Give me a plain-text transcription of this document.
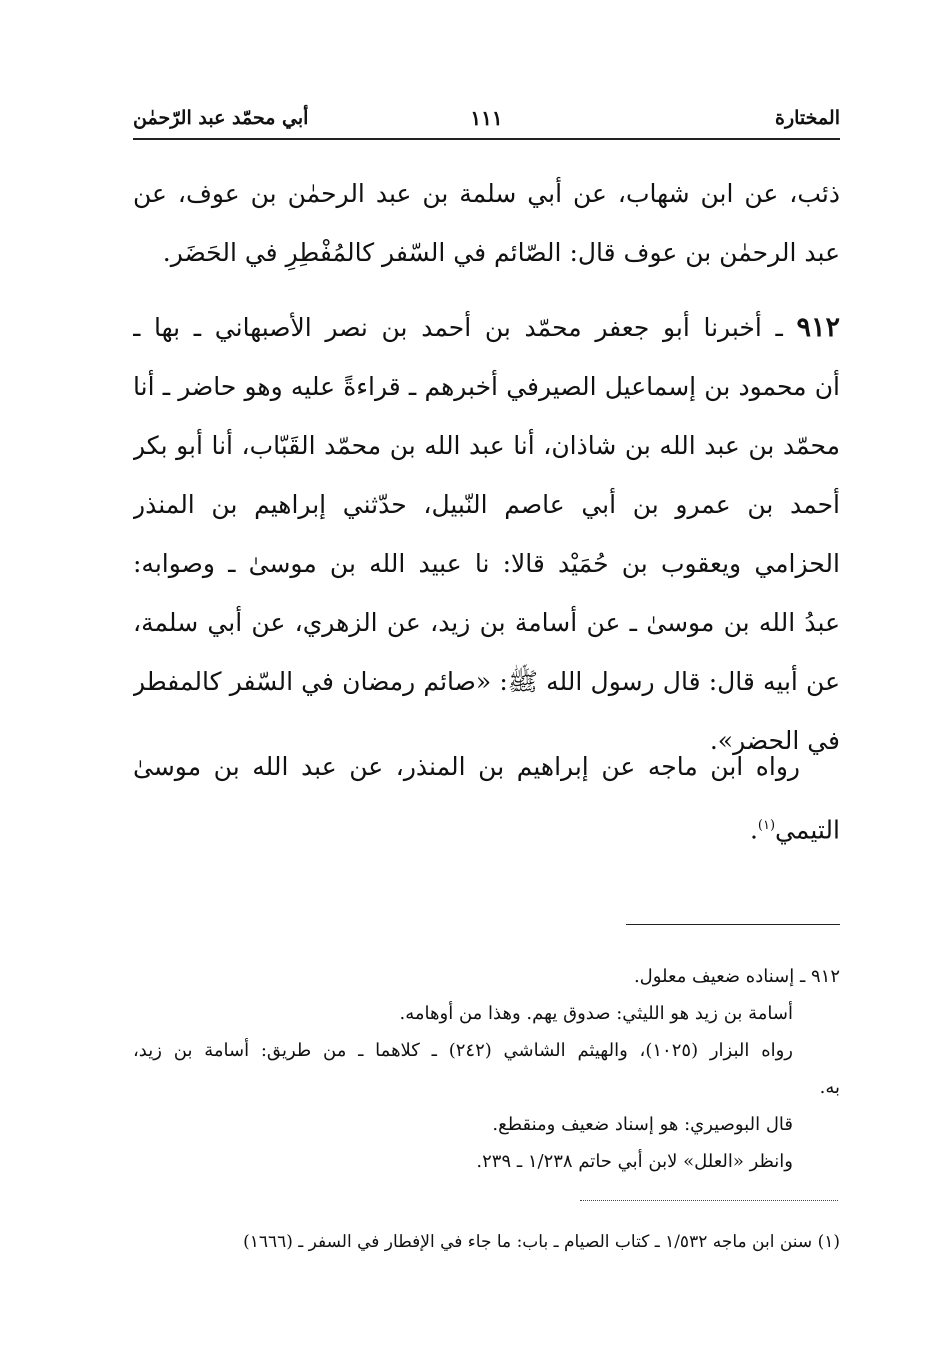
المختارة
١١١
أبي محمّد عبد الرّحمٰن
ذئب، عن ابن شهاب، عن أبي سلمة بن عبد الرحمٰن بن عوف، عن
عبد الرحمٰن بن عوف قال: الصّائم في السّفر كالمُفْطِرِ في الحَضَر.
٩١٢ ـ أخبرنا أبو جعفر محمّد بن أحمد بن نصر الأصبهاني ـ بها ـ
أن محمود بن إسماعيل الصيرفي أخبرهم ـ قراءةً عليه وهو حاضر ـ أنا
محمّد بن عبد الله بن شاذان، أنا عبد الله بن محمّد القَبّاب، أنا أبو بكر
أحمد بن عمرو بن أبي عاصم النّبيل، حدّثني إبراهيم بن المنذر
الحزامي ويعقوب بن حُمَيْد قالا: نا عبيد الله بن موسىٰ ـ وصوابه:
عبدُ الله بن موسىٰ ـ عن أسامة بن زيد، عن الزهري، عن أبي سلمة،
عن أبيه قال: قال رسول الله ﷺ: «صائم رمضان في السّفر كالمفطر
في الحضر».
رواه ابن ماجه عن إبراهيم بن المنذر، عن عبد الله بن موسىٰ
التيمي$^{(١)}$.
٩١٢ ـ إسناده ضعيف معلول.
أسامة بن زيد هو الليثي: صدوق يهم. وهذا من أوهامه.
رواه البزار (١٠٢٥)، والهيثم الشاشي (٢٤٢) ـ كلاهما ـ من طريق: أسامة بن زيد،
به.
قال البوصيري: هو إسناد ضعيف ومنقطع.
وانظر «العلل» لابن أبي حاتم ١/٢٣٨ ـ ٢٣٩.
(١) سنن ابن ماجه ١/٥٣٢ ـ كتاب الصيام ـ باب: ما جاء في الإفطار في السفر ـ (١٦٦٦)
